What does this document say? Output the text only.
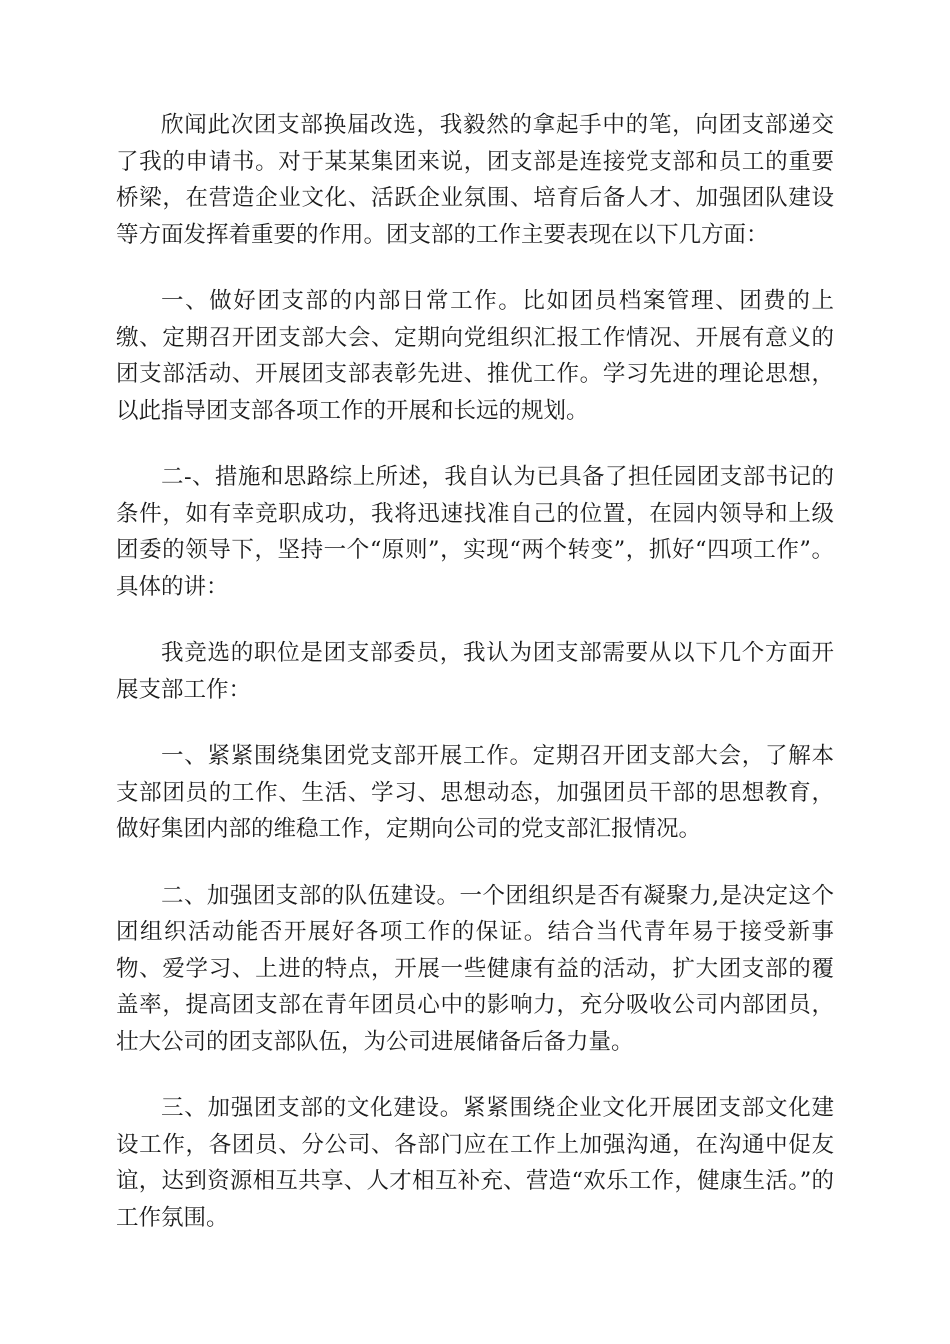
欣闻此次团支部换届改选，我毅然的拿起手中的笔，向团支部递交了我的申请书。对于某某集团来说，团支部是连接党支部和员工的重要桥梁，在营造企业文化、活跃企业氛围、培育后备人才、加强团队建设等方面发挥着重要的作用。团支部的工作主要表现在以下几方面：

一、做好团支部的内部日常工作。比如团员档案管理、团费的上缴、定期召开团支部大会、定期向党组织汇报工作情况、开展有意义的团支部活动、开展团支部表彰先进、推优工作。学习先进的理论思想，以此指导团支部各项工作的开展和长远的规划。

二-、措施和思路综上所述，我自认为已具备了担任园团支部书记的条件，如有幸竞职成功，我将迅速找准自己的位置，在园内领导和上级团委的领导下，坚持一个“原则”，实现“两个转变”，抓好“四项工作”。具体的讲：

我竞选的职位是团支部委员，我认为团支部需要从以下几个方面开展支部工作：

一、紧紧围绕集团党支部开展工作。定期召开团支部大会，了解本支部团员的工作、生活、学习、思想动态，加强团员干部的思想教育，做好集团内部的维稳工作，定期向公司的党支部汇报情况。

二、加强团支部的队伍建设。一个团组织是否有凝聚力,是决定这个团组织活动能否开展好各项工作的保证。结合当代青年易于接受新事物、爱学习、上进的特点，开展一些健康有益的活动，扩大团支部的覆盖率，提高团支部在青年团员心中的影响力，充分吸收公司内部团员，壮大公司的团支部队伍，为公司进展储备后备力量。

三、加强团支部的文化建设。紧紧围绕企业文化开展团支部文化建设工作，各团员、分公司、各部门应在工作上加强沟通，在沟通中促友谊，达到资源相互共享、人才相互补充、营造“欢乐工作，健康生活。”的工作氛围。
